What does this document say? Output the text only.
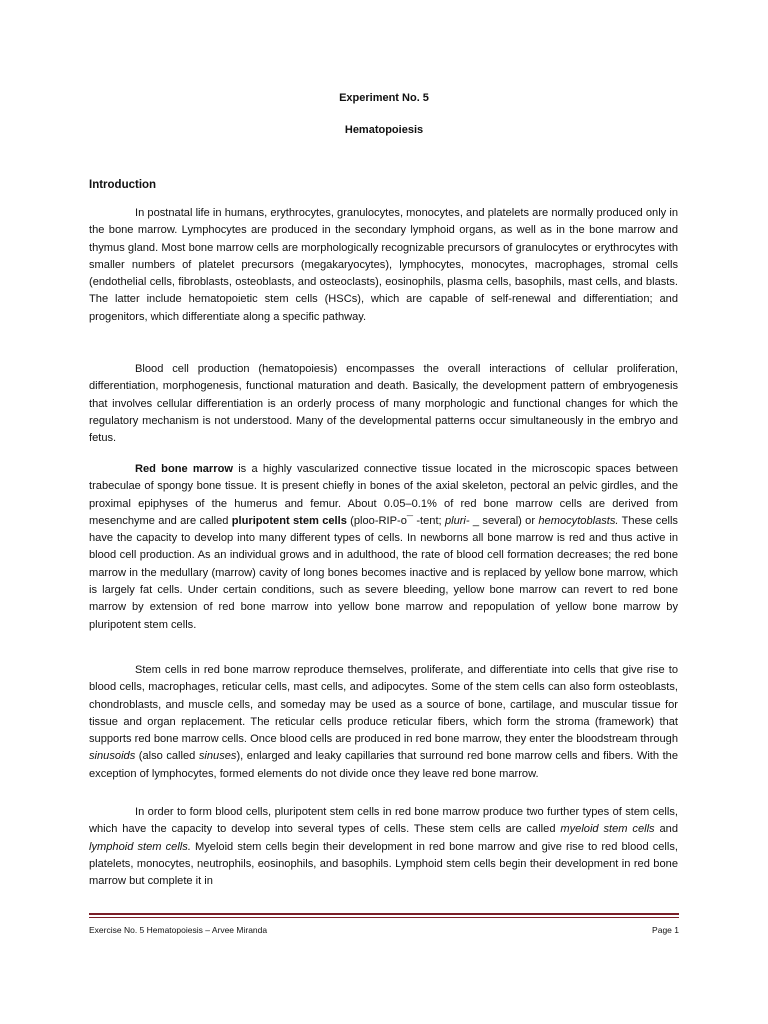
Experiment No. 5
Hematopoiesis
Introduction

In postnatal life in humans, erythrocytes, granulocytes, monocytes, and platelets are normally produced only in the bone marrow. Lymphocytes are produced in the secondary lymphoid organs, as well as in the bone marrow and thymus gland. Most bone marrow cells are morphologically recognizable precursors of granulocytes or erythrocytes with smaller numbers of platelet precursors (megakaryocytes), lymphocytes, monocytes, macrophages, stromal cells (endothelial cells, fibroblasts, osteoblasts, and osteoclasts), eosinophils, plasma cells, basophils, mast cells, and blasts. The latter include hematopoietic stem cells (HSCs), which are capable of self-renewal and differentiation; and progenitors, which differentiate along a specific pathway.

Blood cell production (hematopoiesis) encompasses the overall interactions of cellular proliferation, differentiation, morphogenesis, functional maturation and death. Basically, the development pattern of embryogenesis that involves cellular differentiation is an orderly process of many morphologic and functional changes for which the regulatory mechanism is not understood. Many of the developmental patterns occur simultaneously in the embryo and fetus.

Red bone marrow is a highly vascularized connective tissue located in the microscopic spaces between trabeculae of spongy bone tissue. It is present chiefly in bones of the axial skeleton, pectoral an pelvic girdles, and the proximal epiphyses of the humerus and femur. About 0.05–0.1% of red bone marrow cells are derived from mesenchyme and are called pluripotent stem cells (ploo-RIP-o¯ -tent; pluri- _ several) or hemocytoblasts. These cells have the capacity to develop into many different types of cells. In newborns all bone marrow is red and thus active in blood cell production. As an individual grows and in adulthood, the rate of blood cell formation decreases; the red bone marrow in the medullary (marrow) cavity of long bones becomes inactive and is replaced by yellow bone marrow, which is largely fat cells. Under certain conditions, such as severe bleeding, yellow bone marrow can revert to red bone marrow by extension of red bone marrow into yellow bone marrow and repopulation of yellow bone marrow by pluripotent stem cells.

Stem cells in red bone marrow reproduce themselves, proliferate, and differentiate into cells that give rise to blood cells, macrophages, reticular cells, mast cells, and adipocytes. Some of the stem cells can also form osteoblasts, chondroblasts, and muscle cells, and someday may be used as a source of bone, cartilage, and muscular tissue for tissue and organ replacement. The reticular cells produce reticular fibers, which form the stroma (framework) that supports red bone marrow cells. Once blood cells are produced in red bone marrow, they enter the bloodstream through sinusoids (also called sinuses), enlarged and leaky capillaries that surround red bone marrow cells and fibers. With the exception of lymphocytes, formed elements do not divide once they leave red bone marrow.

In order to form blood cells, pluripotent stem cells in red bone marrow produce two further types of stem cells, which have the capacity to develop into several types of cells. These stem cells are called myeloid stem cells and lymphoid stem cells. Myeloid stem cells begin their development in red bone marrow and give rise to red blood cells, platelets, monocytes, neutrophils, eosinophils, and basophils. Lymphoid stem cells begin their development in red bone marrow but complete it in

Exercise No. 5 Hematopoiesis – Arvee Miranda	Page 1
